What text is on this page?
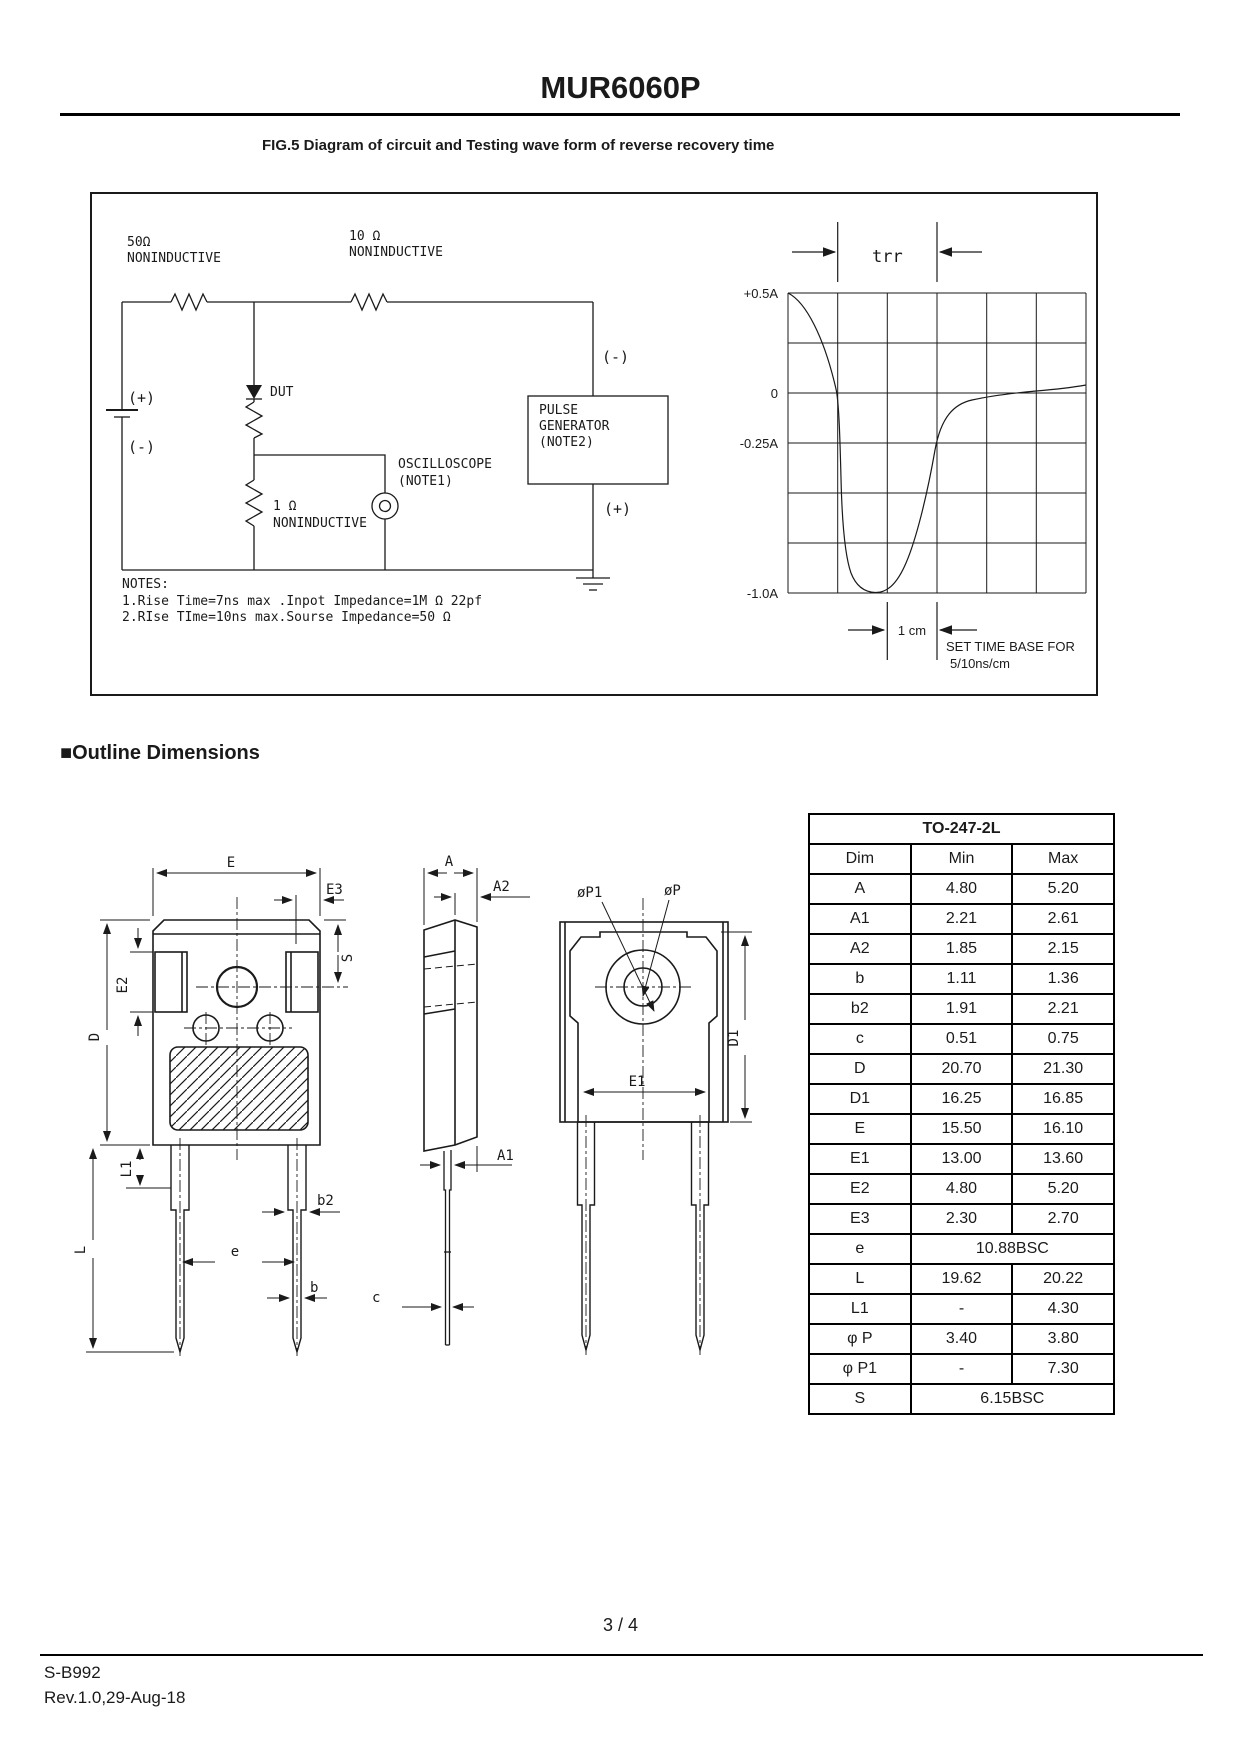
MUR6060P
FIG.5 Diagram of circuit and Testing wave form of reverse recovery time
50Ω
NONINDUCTIVE
10 Ω
NONINDUCTIVE
DUT
(+)
(-)
1 Ω
NONINDUCTIVE
OSCILLOSCOPE
(NOTE1)
PULSE
GENERATOR
(NOTE2)
(-)
(+)
NOTES:
1.Rise Time=7ns max .Inpot Impedance=1M Ω 22pf
2.RIse TIme=10ns max.Sourse Impedance=50 Ω
trr
+0.5A
0
-0.25A
-1.0A
1 cm
SET TIME BASE FOR
5/10ns/cm
■Outline Dimensions
E
E3
S
E2
D
L
L1
b2
e
b
A
A2
A1
c
øP1	øP
E1
D1
TO-247-2L		
Dim	Min	Max
A	4.80	5.20
A1	2.21	2.61
A2	1.85	2.15
b	1.11	1.36
b2	1.91	2.21
c	0.51	0.75
D	20.70	21.30
D1	16.25	16.85
E	15.50	16.10
E1	13.00	13.60
E2	4.80	5.20
E3	2.30	2.70
e	10.88BSC	
L	19.62	20.22
L1	-	4.30
φ P	3.40	3.80
φ P1	-	7.30
S	6.15BSC	
3 / 4
S-B992
Rev.1.0,29-Aug-18
